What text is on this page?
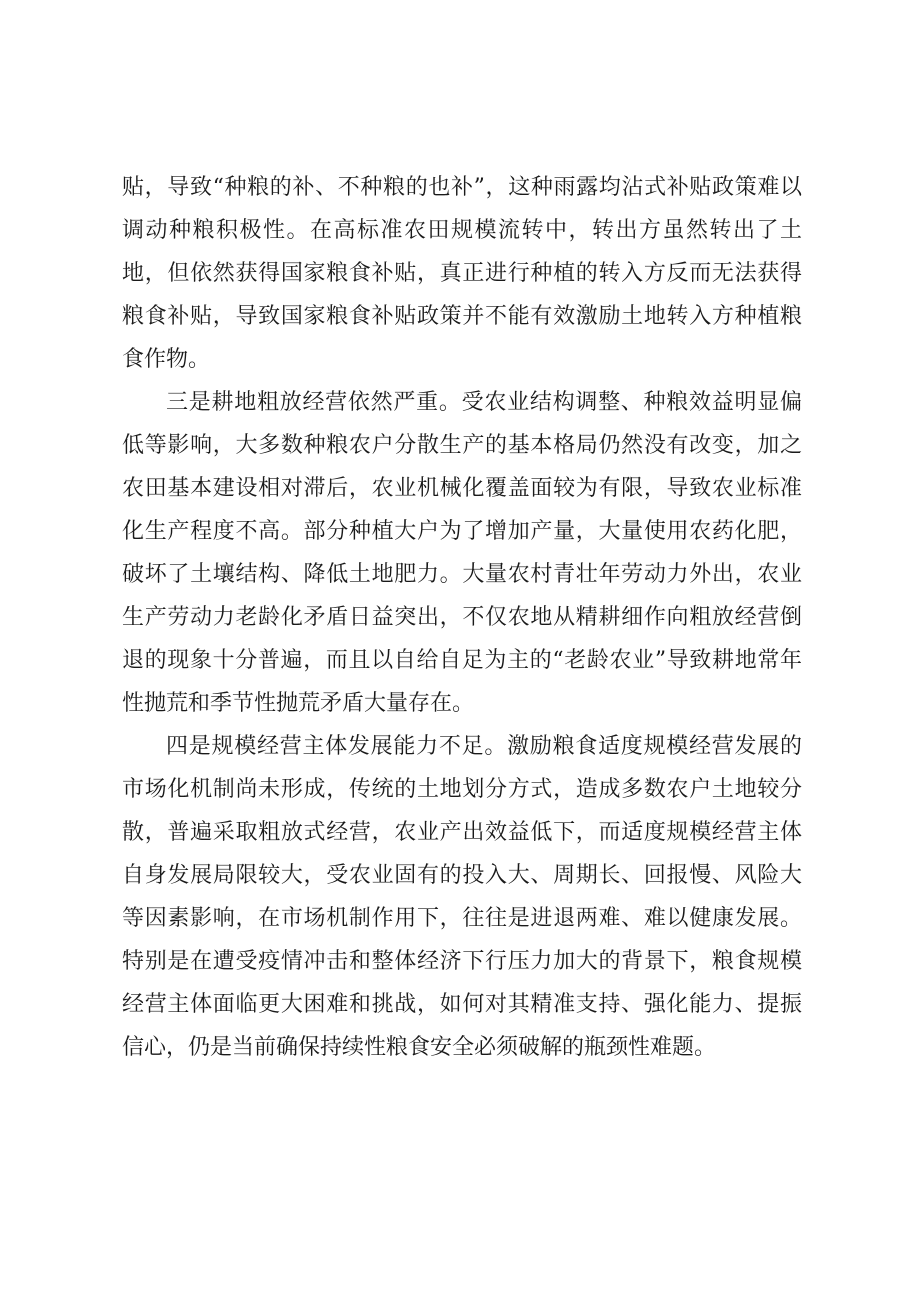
贴，导致“种粮的补、不种粮的也补”，这种雨露均沾式补贴政策难以调动种粮积极性。在高标准农田规模流转中，转出方虽然转出了土地，但依然获得国家粮食补贴，真正进行种植的转入方反而无法获得粮食补贴，导致国家粮食补贴政策并不能有效激励土地转入方种植粮食作物。

三是耕地粗放经营依然严重。受农业结构调整、种粮效益明显偏低等影响，大多数种粮农户分散生产的基本格局仍然没有改变，加之农田基本建设相对滞后，农业机械化覆盖面较为有限，导致农业标准化生产程度不高。部分种植大户为了增加产量，大量使用农药化肥，破坏了土壤结构、降低土地肥力。大量农村青壮年劳动力外出，农业生产劳动力老龄化矛盾日益突出，不仅农地从精耕细作向粗放经营倒退的现象十分普遍，而且以自给自足为主的“老龄农业”导致耕地常年性抛荒和季节性抛荒矛盾大量存在。

四是规模经营主体发展能力不足。激励粮食适度规模经营发展的市场化机制尚未形成，传统的土地划分方式，造成多数农户土地较分散，普遍采取粗放式经营，农业产出效益低下，而适度规模经营主体自身发展局限较大，受农业固有的投入大、周期长、回报慢、风险大等因素影响，在市场机制作用下，往往是进退两难、难以健康发展。特别是在遭受疫情冲击和整体经济下行压力加大的背景下，粮食规模经营主体面临更大困难和挑战，如何对其精准支持、强化能力、提振信心，仍是当前确保持续性粮食安全必须破解的瓶颈性难题。
